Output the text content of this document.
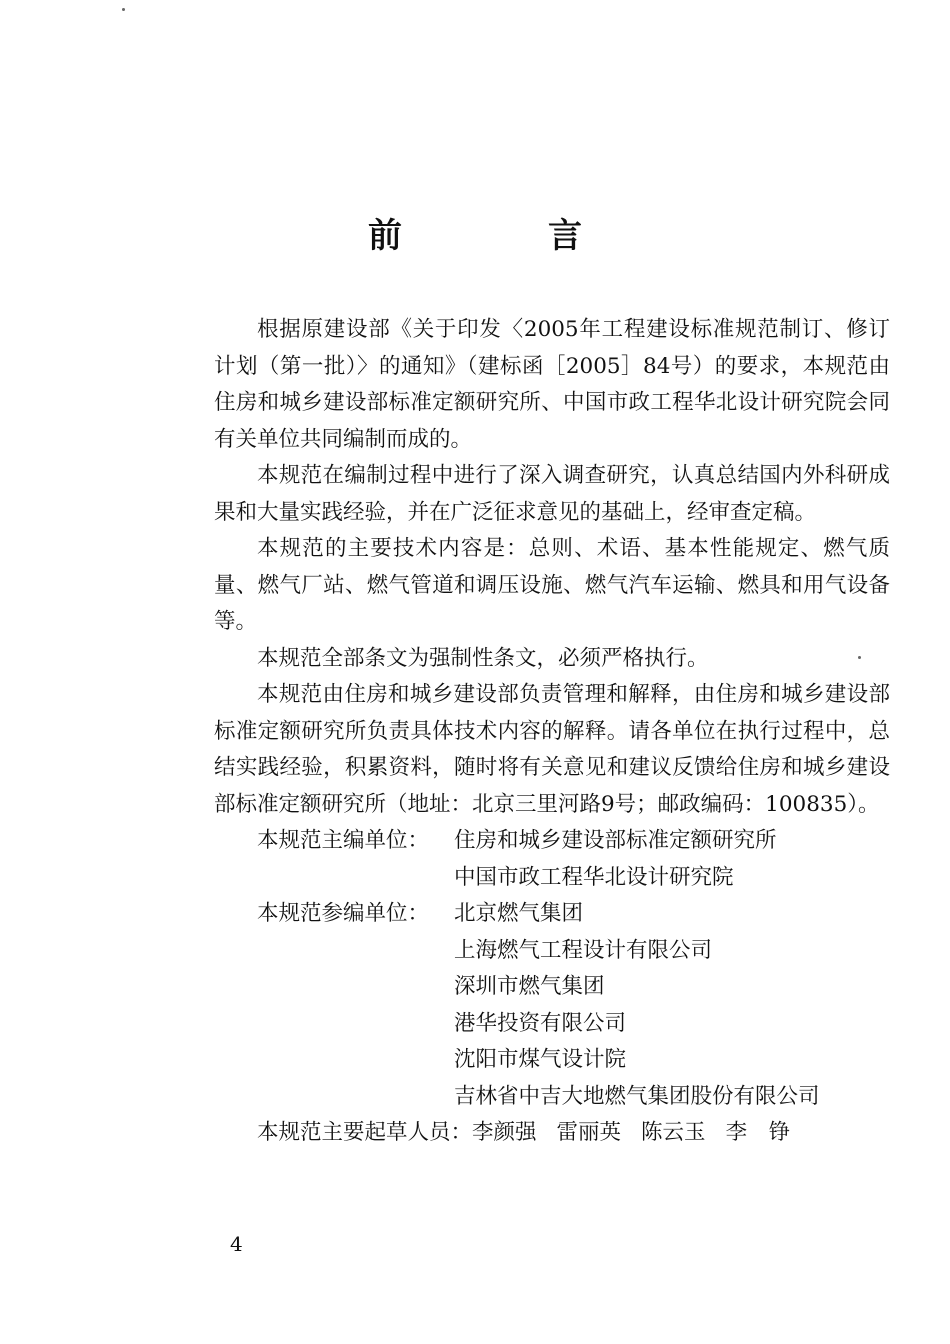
前　言

根据原建设部《关于印发〈2005年工程建设标准规范制订、修订计划（第一批）〉的通知》（建标函［2005］84号）的要求，本规范由住房和城乡建设部标准定额研究所、中国市政工程华北设计研究院会同有关单位共同编制而成的。

本规范在编制过程中进行了深入调查研究，认真总结国内外科研成果和大量实践经验，并在广泛征求意见的基础上，经审查定稿。

本规范的主要技术内容是：总则、术语、基本性能规定、燃气质量、燃气厂站、燃气管道和调压设施、燃气汽车运输、燃具和用气设备等。

本规范全部条文为强制性条文，必须严格执行。

本规范由住房和城乡建设部负责管理和解释，由住房和城乡建设部标准定额研究所负责具体技术内容的解释。请各单位在执行过程中，总结实践经验，积累资料，随时将有关意见和建议反馈给住房和城乡建设部标准定额研究所（地址：北京三里河路9号；邮政编码：100835）。

本规范主编单位： 住房和城乡建设部标准定额研究所
中国市政工程华北设计研究院
本规范参编单位： 北京燃气集团
上海燃气工程设计有限公司
深圳市燃气集团
港华投资有限公司
沈阳市煤气设计院
吉林省中吉大地燃气集团股份有限公司

本规范主要起草人员：李颜强 雷丽英 陈云玉 李　铮

4
